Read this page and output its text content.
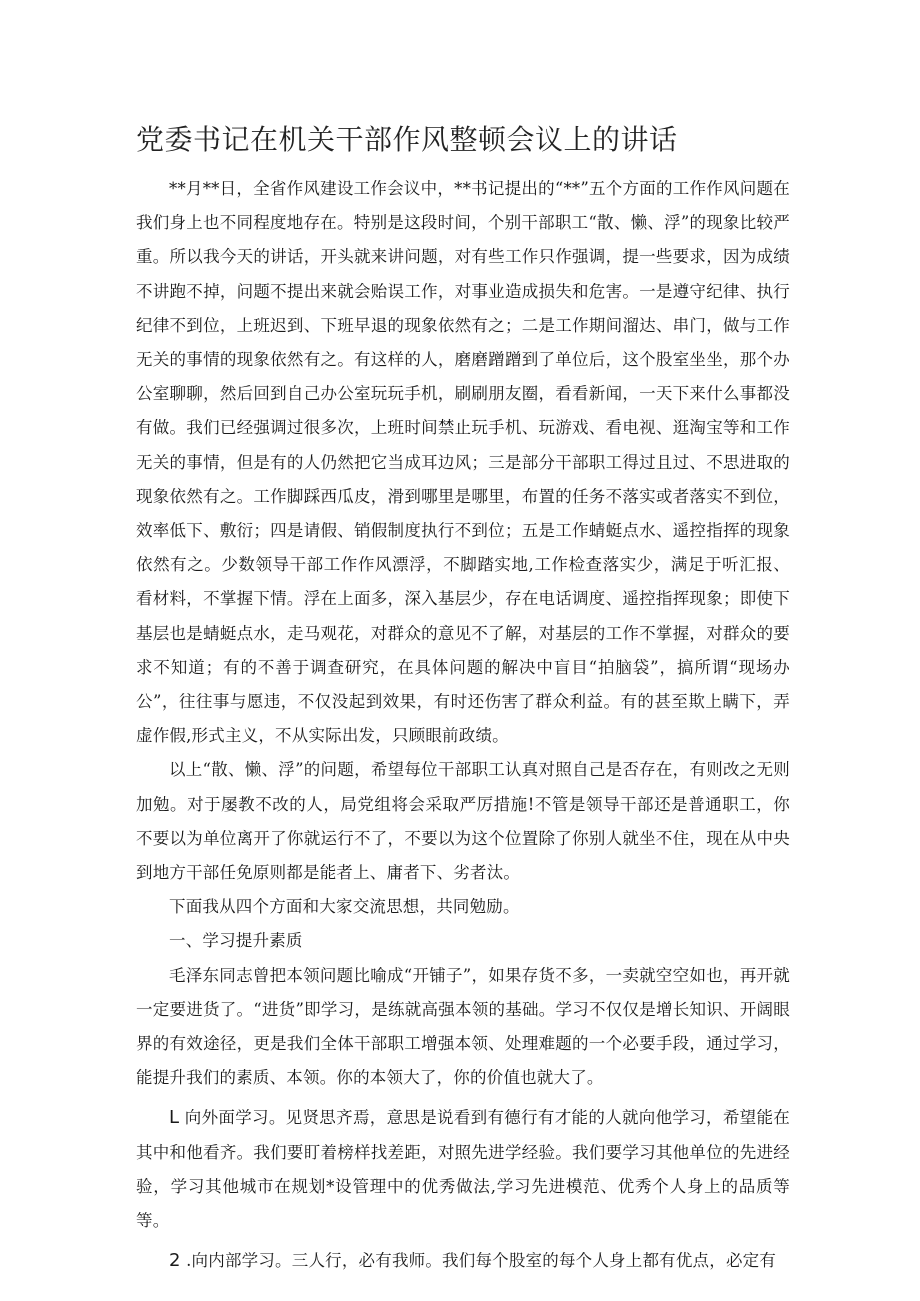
党委书记在机关干部作风整顿会议上的讲话

**月**日，全省作风建设工作会议中，**书记提出的“**”五个方面的工作作风问题在我们身上也不同程度地存在。特别是这段时间，个别干部职工“散、懒、浮”的现象比较严重。所以我今天的讲话，开头就来讲问题，对有些工作只作强调，提一些要求，因为成绩不讲跑不掉，问题不提出来就会贻误工作，对事业造成损失和危害。一是遵守纪律、执行纪律不到位，上班迟到、下班早退的现象依然有之；二是工作期间溜达、串门，做与工作无关的事情的现象依然有之。有这样的人，磨磨蹭蹭到了单位后，这个股室坐坐，那个办公室聊聊，然后回到自己办公室玩玩手机，刷刷朋友圈，看看新闻，一天下来什么事都没有做。我们已经强调过很多次，上班时间禁止玩手机、玩游戏、看电视、逛淘宝等和工作无关的事情，但是有的人仍然把它当成耳边风；三是部分干部职工得过且过、不思进取的现象依然有之。工作脚踩西瓜皮，滑到哪里是哪里，布置的任务不落实或者落实不到位，效率低下、敷衍；四是请假、销假制度执行不到位；五是工作蜻蜓点水、遥控指挥的现象依然有之。少数领导干部工作作风漂浮，不脚踏实地,工作检查落实少，满足于听汇报、看材料，不掌握下情。浮在上面多，深入基层少，存在电话调度、遥控指挥现象；即使下基层也是蜻蜓点水，走马观花，对群众的意见不了解，对基层的工作不掌握，对群众的要求不知道；有的不善于调查研究，在具体问题的解决中盲目“拍脑袋”，搞所谓“现场办公”，往往事与愿违，不仅没起到效果，有时还伤害了群众利益。有的甚至欺上瞒下，弄虚作假,形式主义，不从实际出发，只顾眼前政绩。

以上“散、懒、浮”的问题，希望每位干部职工认真对照自己是否存在，有则改之无则加勉。对于屡教不改的人，局党组将会采取严厉措施!不管是领导干部还是普通职工，你不要以为单位离开了你就运行不了，不要以为这个位置除了你别人就坐不住，现在从中央到地方干部任免原则都是能者上、庸者下、劣者汰。

下面我从四个方面和大家交流思想，共同勉励。

一、学习提升素质

毛泽东同志曾把本领问题比喻成“开铺子”，如果存货不多，一卖就空空如也，再开就一定要进货了。“进货”即学习，是练就高强本领的基础。学习不仅仅是增长知识、开阔眼界的有效途径，更是我们全体干部职工增强本领、处理难题的一个必要手段，通过学习，能提升我们的素质、本领。你的本领大了，你的价值也就大了。

L 向外面学习。见贤思齐焉，意思是说看到有德行有才能的人就向他学习，希望能在其中和他看齐。我们要盯着榜样找差距，对照先进学经验。我们要学习其他单位的先进经验，学习其他城市在规划*设管理中的优秀做法,学习先进模范、优秀个人身上的品质等等。

2 .向内部学习。三人行，必有我师。我们每个股室的每个人身上都有优点，必定有
